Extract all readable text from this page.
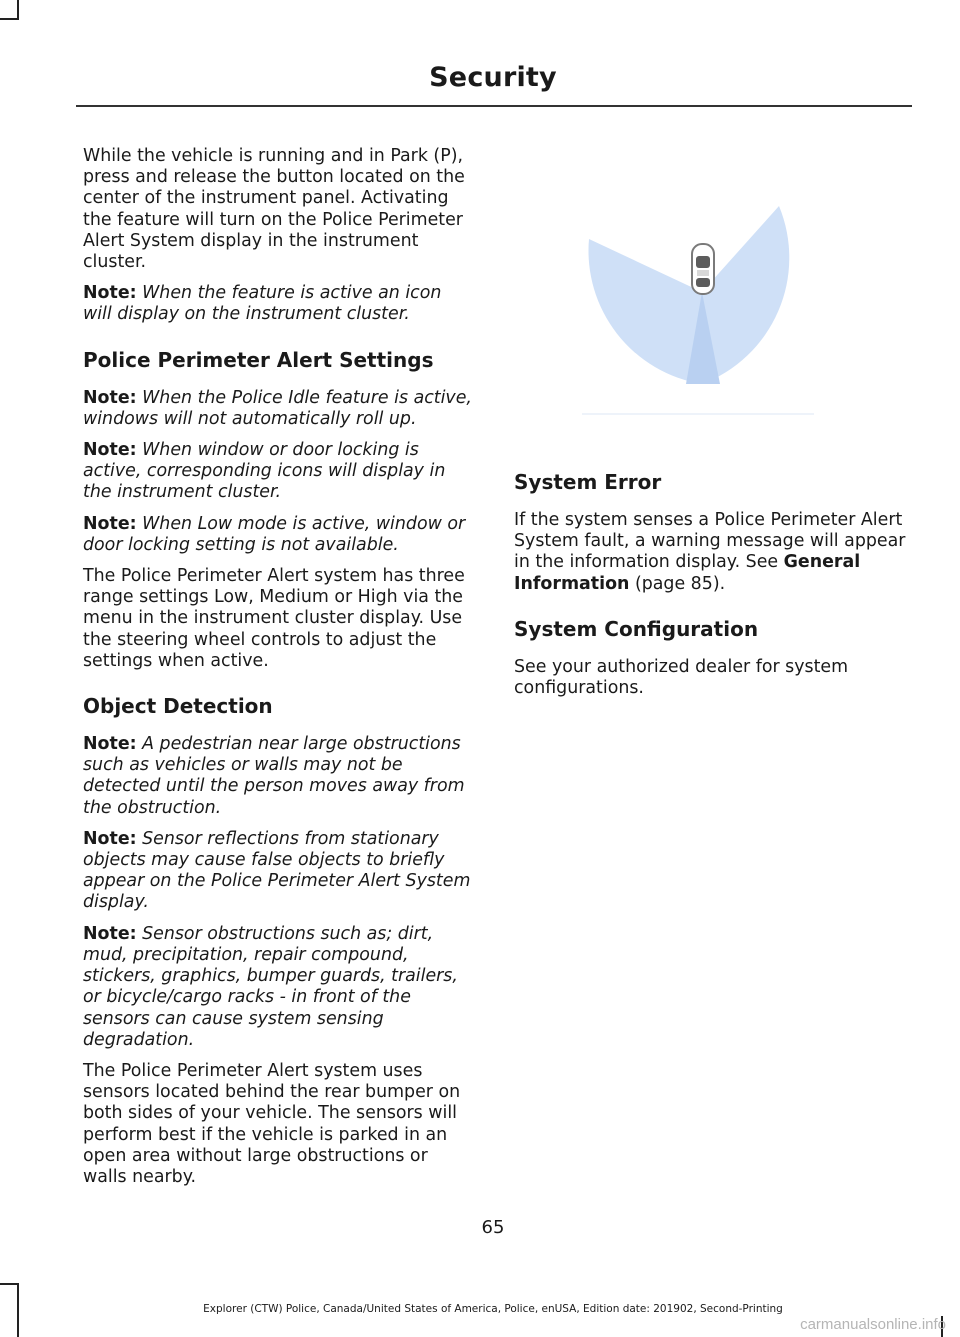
Security

While the vehicle is running and in Park (P), press and release the button located on the center of the instrument panel. Activating the feature will turn on the Police Perimeter Alert System display in the instrument cluster.

Note: When the feature is active an icon will display on the instrument cluster.

Police Perimeter Alert Settings

Note: When the Police Idle feature is active, windows will not automatically roll up.

Note: When window or door locking is active, corresponding icons will display in the instrument cluster.

Note: When Low mode is active, window or door locking setting is not available.

The Police Perimeter Alert system has three range settings Low, Medium or High via the menu in the instrument cluster display. Use the steering wheel controls to adjust the settings when active.

Object Detection

Note: A pedestrian near large obstructions such as vehicles or walls may not be detected until the person moves away from the obstruction.

Note: Sensor reflections from stationary objects may cause false objects to briefly appear on the Police Perimeter Alert System display.

Note: Sensor obstructions such as; dirt, mud, precipitation, repair compound, stickers, graphics, bumper guards, trailers, or bicycle/cargo racks - in front of the sensors can cause system sensing degradation.

The Police Perimeter Alert system uses sensors located behind the rear bumper on both sides of your vehicle. The sensors will perform best if the vehicle is parked in an open area without large obstructions or walls nearby.

System Error

If the system senses a Police Perimeter Alert System fault, a warning message will appear in the information display. See General Information (page 85).

System Configuration

See your authorized dealer for system configurations.

65
Explorer (CTW) Police, Canada/United States of America, Police, enUSA, Edition date: 201902, Second-Printing
carmanualsonline.info
